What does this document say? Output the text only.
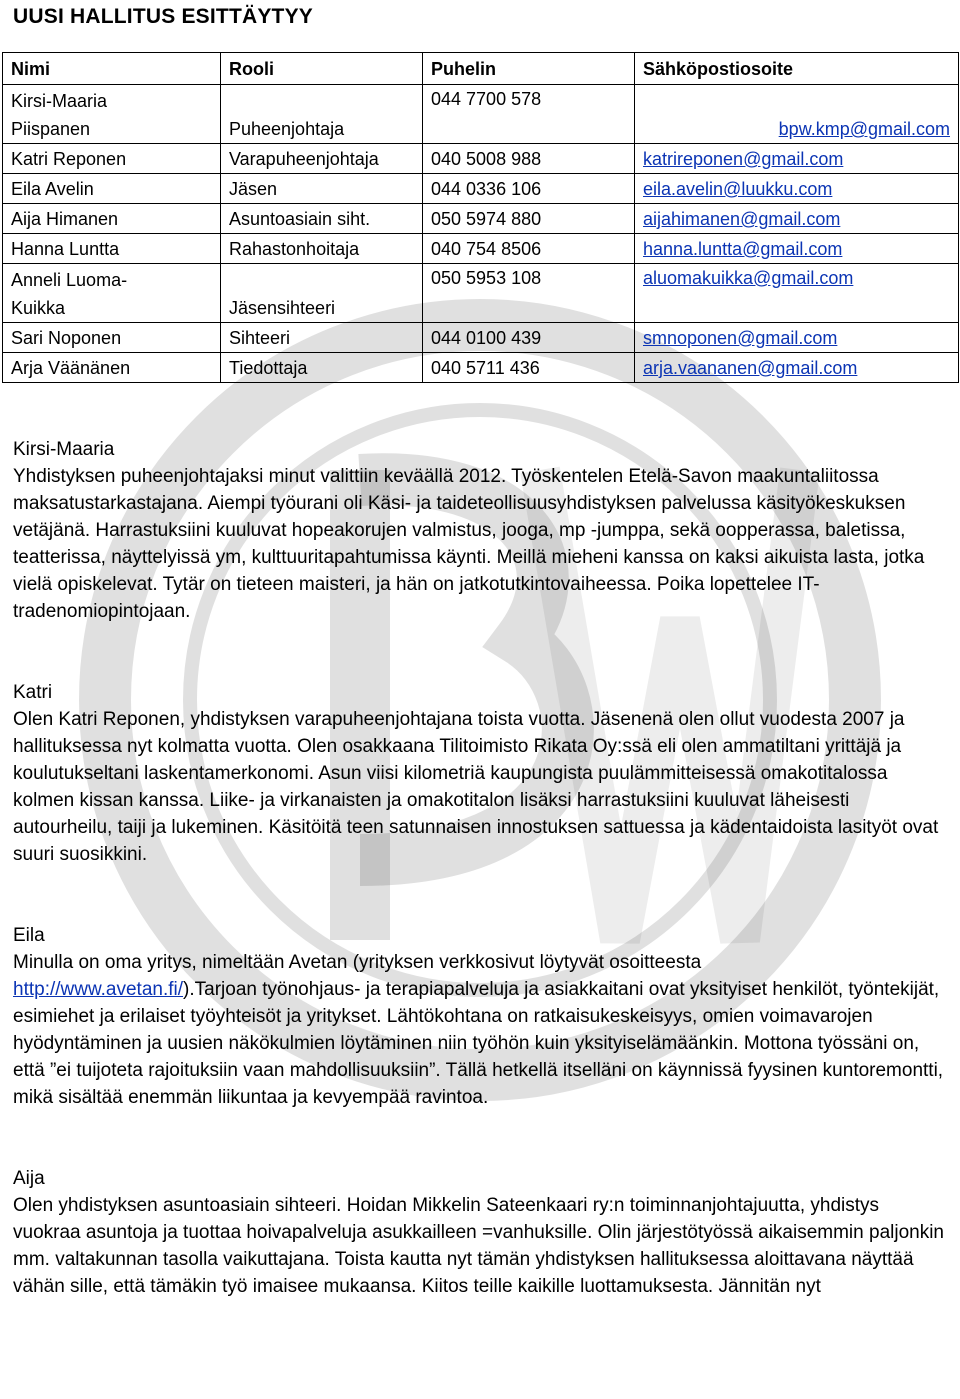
UUSI HALLITUS ESITTÄYTYY
Nimi	Rooli	Puhelin	Sähköpostiosoite
Kirsi-Maaria
Piispanen	Puheenjohtaja	044 7700 578	bpw.kmp@gmail.com
Katri Reponen	Varapuheenjohtaja	040 5008 988	katrireponen@gmail.com
Eila Avelin	Jäsen	044 0336 106	eila.avelin@luukku.com
Aija Himanen	Asuntoasiain siht.	050 5974 880	aijahimanen@gmail.com
Hanna Luntta	Rahastonhoitaja	040 754 8506	hanna.luntta@gmail.com
Anneli Luoma-
Kuikka	Jäsensihteeri	050 5953 108	aluomakuikka@gmail.com
Sari Noponen	Sihteeri	044 0100 439	smnoponen@gmail.com
Arja Väänänen	Tiedottaja	040 5711 436	arja.vaananen@gmail.com

Kirsi-Maaria
Yhdistyksen puheenjohtajaksi minut valittiin keväällä 2012. Työskentelen Etelä-Savon maakuntaliitossa maksatustarkastajana. Aiempi työurani oli Käsi- ja taideteollisuusyhdistyksen palvelussa käsityökeskuksen vetäjänä. Harrastuksiini kuuluvat hopeakorujen valmistus, jooga, mp -jumppa, sekä oopperassa, baletissa, teatterissa, näyttelyissä ym, kulttuuritapahtumissa käynti. Meillä mieheni kanssa on kaksi aikuista lasta, jotka vielä opiskelevat. Tytär on tieteen maisteri, ja hän on jatkotutkintovaiheessa. Poika lopettelee IT-tradenomiopintojaan.

Katri
Olen Katri Reponen, yhdistyksen varapuheenjohtajana toista vuotta. Jäsenenä olen ollut vuodesta 2007 ja hallituksessa nyt kolmatta vuotta. Olen osakkaana Tilitoimisto Rikata Oy:ssä eli olen ammatiltani yrittäjä ja koulutukseltani laskentamerkonomi. Asun viisi kilometriä kaupungista puulämmitteisessä omakotitalossa kolmen kissan kanssa. Liike- ja virkanaisten ja omakotitalon lisäksi harrastuksiini kuuluvat läheisesti autourheilu, taiji ja lukeminen. Käsitöitä teen satunnaisen innostuksen sattuessa ja kädentaidoista lasityöt ovat suuri suosikkini.

Eila
Minulla on oma yritys, nimeltään Avetan (yrityksen verkkosivut löytyvät osoitteesta http://www.avetan.fi/).Tarjoan työnohjaus- ja terapiapalveluja ja asiakkaitani ovat yksityiset henkilöt, työntekijät, esimiehet ja erilaiset työyhteisöt ja yritykset. Lähtökohtana on ratkaisukeskeisyys, omien voimavarojen hyödyntäminen ja uusien näkökulmien löytäminen niin työhön kuin yksityiselämäänkin. Mottona työssäni on, että ”ei tuijoteta rajoituksiin vaan mahdollisuuksiin”. Tällä hetkellä itselläni on käynnissä fyysinen kuntoremontti, mikä sisältää enemmän liikuntaa ja kevyempää ravintoa.

Aija
Olen yhdistyksen asuntoasiain sihteeri. Hoidan Mikkelin Sateenkaari ry:n toiminnanjohtajuutta, yhdistys vuokraa asuntoja ja tuottaa hoivapalveluja asukkailleen =vanhuksille. Olin järjestötyössä aikaisemmin paljonkin mm. valtakunnan tasolla vaikuttajana. Toista kautta nyt tämän yhdistyksen hallituksessa aloittavana näyttää vähän sille, että tämäkin työ imaisee mukaansa. Kiitos teille kaikille luottamuksesta. Jännitän nyt
